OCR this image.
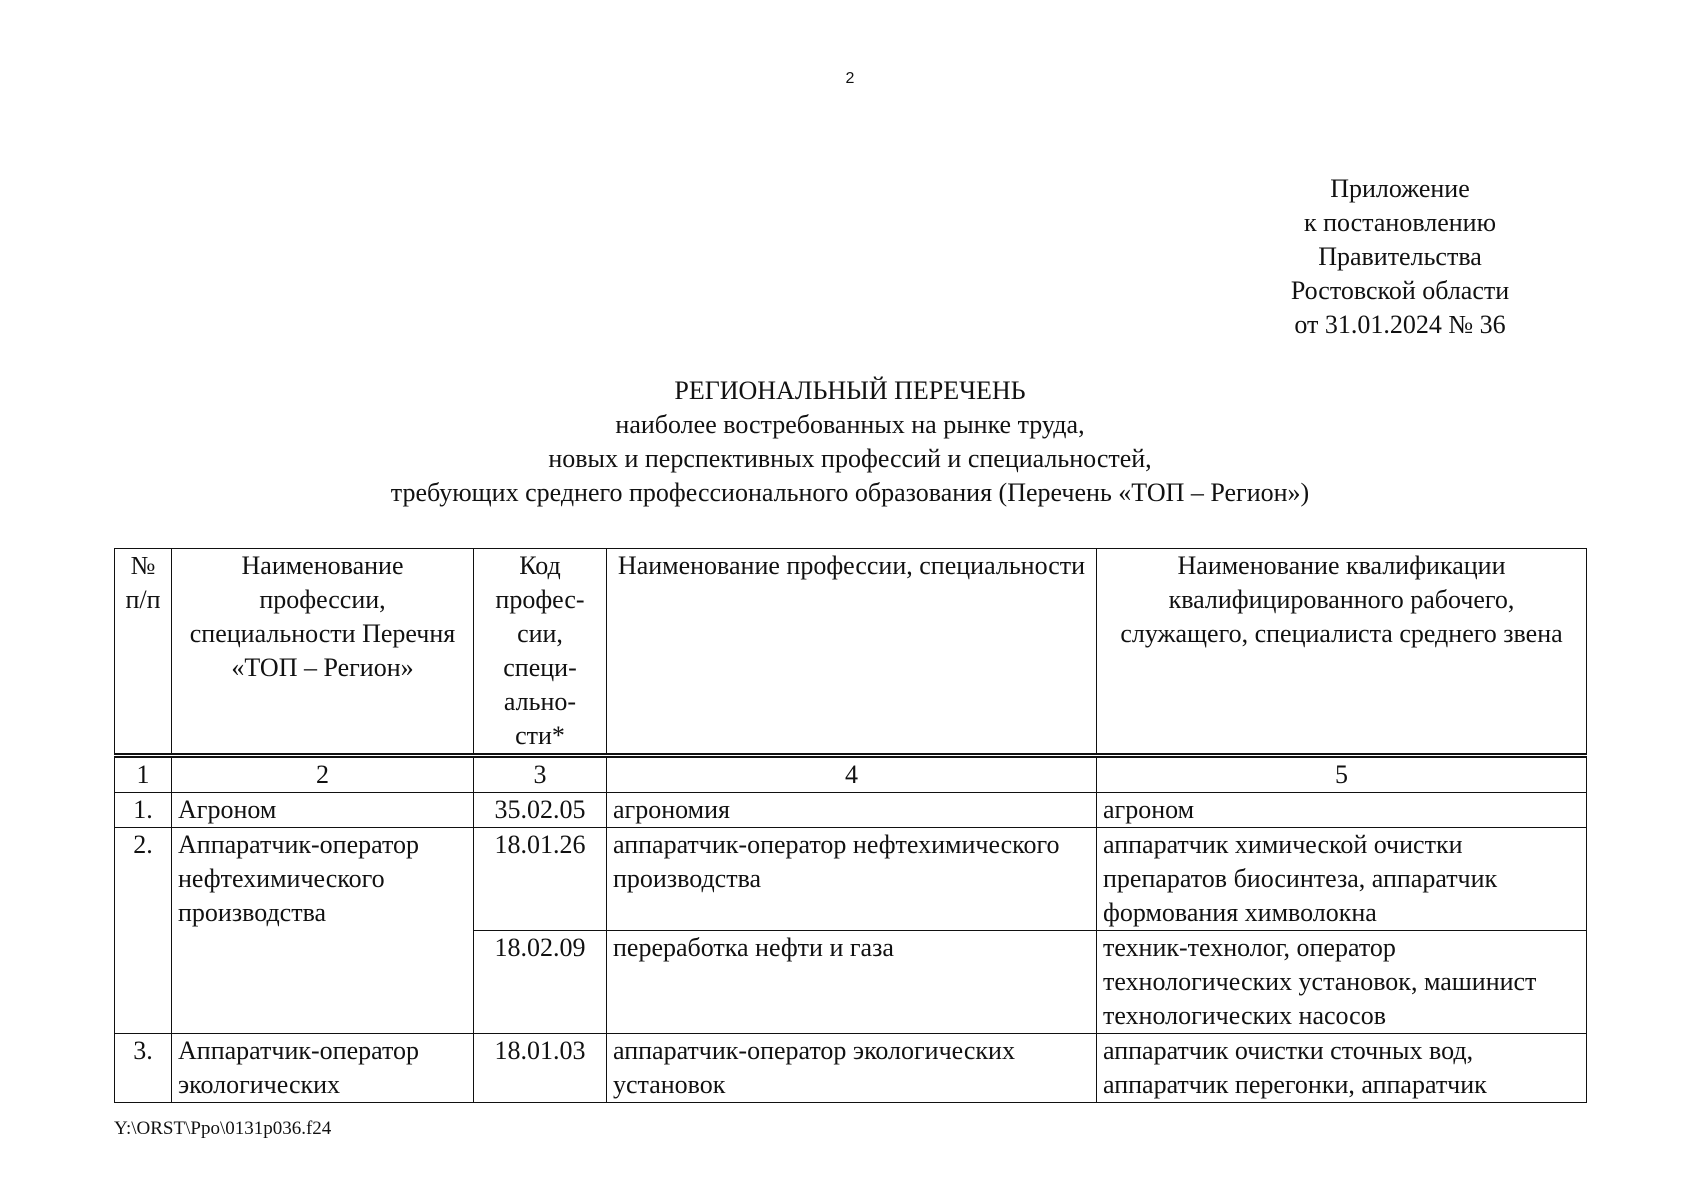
2
Приложение
к постановлению
Правительства
Ростовской области
от 31.01.2024 № 36
РЕГИОНАЛЬНЫЙ ПЕРЕЧЕНЬ
наиболее востребованных на рынке труда,
новых и перспективных профессий и специальностей,
требующих среднего профессионального образования (Перечень «ТОП – Регион»)
№ п/п	Наименование профессии, специальности Перечня «ТОП – Регион»	Код профес-сии, специ-ально-сти*	Наименование профессии, специальности	Наименование квалификации квалифицированного рабочего, служащего, специалиста среднего звена
1	2	3	4	5
1.	Агроном	35.02.05	агрономия	агроном
2.	Аппаратчик-оператор нефтехимического производства	18.01.26	аппаратчик-оператор нефтехимического производства	аппаратчик химической очистки препаратов биосинтеза, аппаратчик формования химволокна
		18.02.09	переработка нефти и газа	техник-технолог, оператор технологических установок, машинист технологических насосов
3.	Аппаратчик-оператор экологических	18.01.03	аппаратчик-оператор экологических установок	аппаратчик очистки сточных вод, аппаратчик перегонки, аппаратчик
Y:\ORST\Ppo\0131p036.f24
